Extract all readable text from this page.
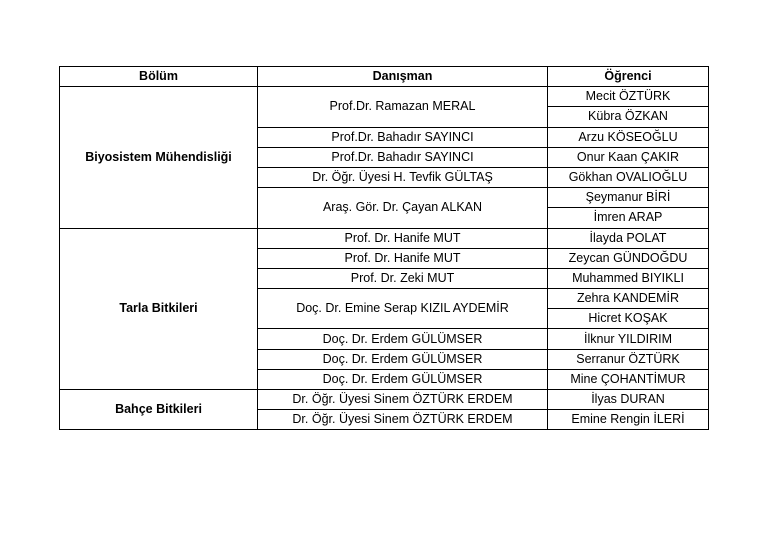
Bölüm	Danışman	Öğrenci
Biyosistem Mühendisliği	Prof.Dr. Ramazan MERAL	Mecit ÖZTÜRK
		Kübra ÖZKAN
	Prof.Dr. Bahadır SAYINCI	Arzu KÖSEOĞLU
	Prof.Dr. Bahadır SAYINCI	Onur Kaan ÇAKIR
	Dr. Öğr. Üyesi H. Tevfik GÜLTAŞ	Gökhan OVALIOĞLU
	Araş. Gör. Dr. Çayan ALKAN	Şeymanur BİRİ
		İmren ARAP
Tarla Bitkileri	Prof. Dr. Hanife MUT	İlayda POLAT
	Prof. Dr. Hanife MUT	Zeycan GÜNDOĞDU
	Prof. Dr. Zeki MUT	Muhammed BIYIKLI
	Doç. Dr. Emine Serap KIZIL AYDEMİR	Zehra KANDEMİR
		Hicret KOŞAK
	Doç. Dr. Erdem GÜLÜMSER	İlknur YILDIRIM
	Doç. Dr. Erdem GÜLÜMSER	Serranur ÖZTÜRK
	Doç. Dr. Erdem GÜLÜMSER	Mine ÇOHANTİMUR
Bahçe Bitkileri	Dr. Öğr. Üyesi Sinem ÖZTÜRK ERDEM	İlyas DURAN
	Dr. Öğr. Üyesi Sinem ÖZTÜRK ERDEM	Emine Rengin İLERİ
